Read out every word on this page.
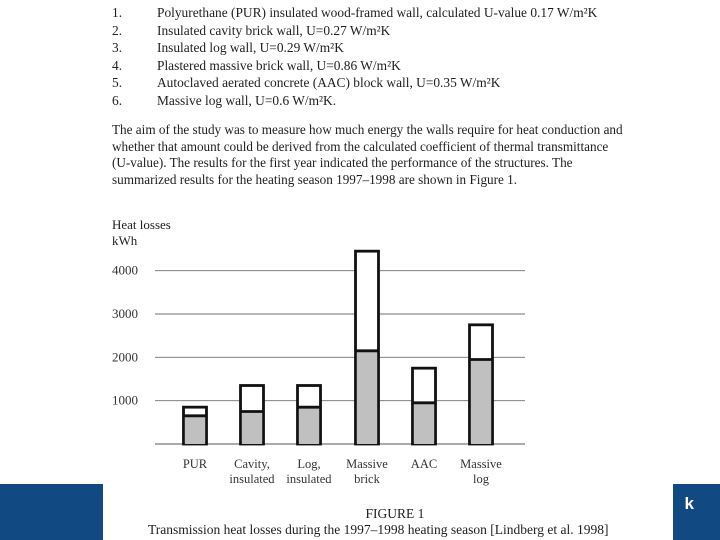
k
1.	Polyurethane (PUR) insulated wood-framed wall, calculated U-value 0.17 W/m²K
2.	Insulated cavity brick wall, U=0.27 W/m²K
3.	Insulated log wall, U=0.29 W/m²K
4.	Plastered massive brick wall, U=0.86 W/m²K
5.	Autoclaved aerated concrete (AAC) block wall, U=0.35 W/m²K
6.	Massive log wall, U=0.6 W/m²K.
The aim of the study was to measure how much energy the walls require for heat conduction and
whether that amount could be derived from the calculated coefficient of thermal transmittance
(U-value). The results for the first year indicated the performance of the structures. The
summarized results for the heating season 1997–1998 are shown in Figure 1.
Heat losses
kWh
1000
2000
3000
4000
PUR Cavity,
insulated
Log,
insulated
Massive
brick
AAC Massive
log
FIGURE 1
Transmission heat losses during the 1997–1998 heating season [Lindberg et al. 1998]
